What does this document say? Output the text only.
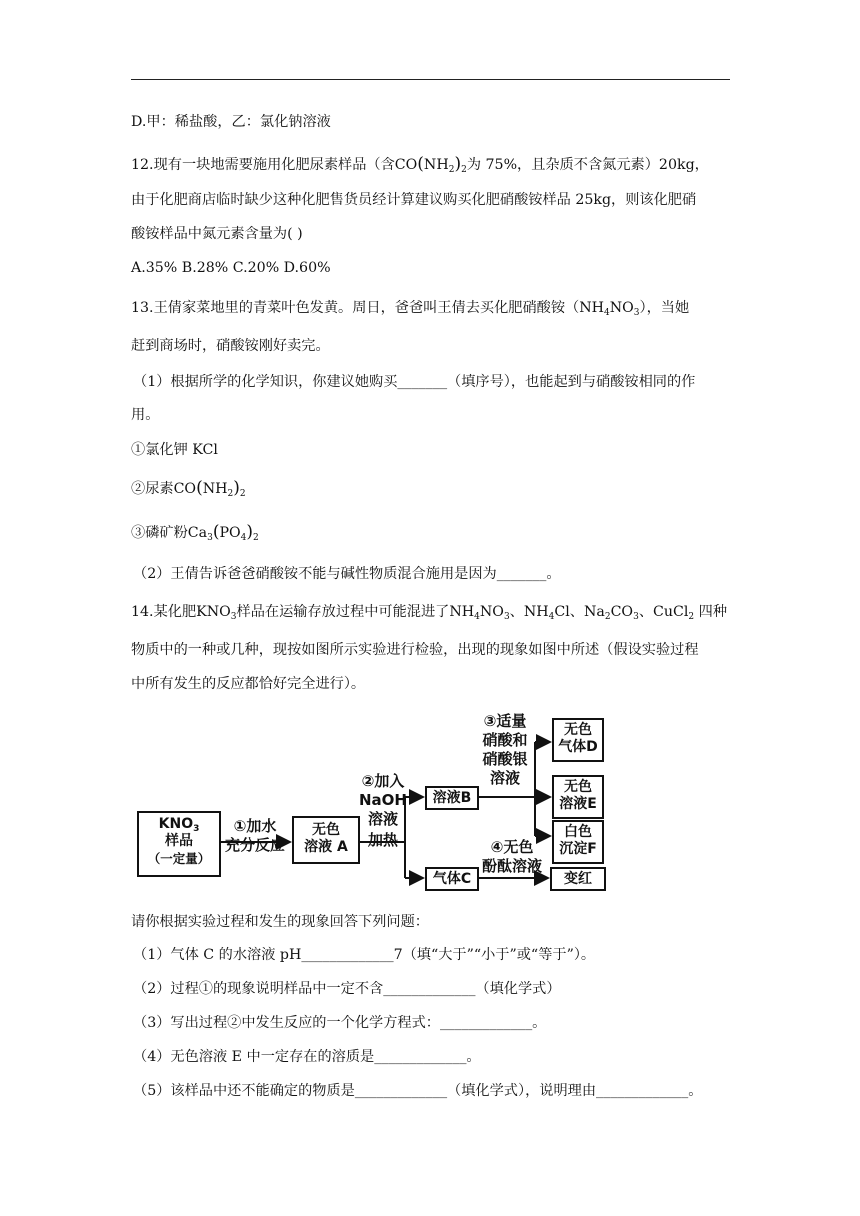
D.甲：稀盐酸，乙：氯化钠溶液
12.现有一块地需要施用化肥尿素样品（含$CO(NH_2)_2$为 75%，且杂质不含氮元素）20kg，
由于化肥商店临时缺少这种化肥售货员经计算建议购买化肥硝酸铵样品 25kg，则该化肥硝
酸铵样品中氮元素含量为( )
A.35% B.28% C.20% D.60%
13.王倩家菜地里的青菜叶色发黄。周日，爸爸叫王倩去买化肥硝酸铵$(NH_4NO_3)$，当她
赶到商场时，硝酸铵刚好卖完。
（1）根据所学的化学知识，你建议她购买_______（填序号），也能起到与硝酸铵相同的作
用。
①氯化钾 KCl
②尿素$CO(NH_2)_2$
③磷矿粉$Ca_3(PO_4)_2$
（2）王倩告诉爸爸硝酸铵不能与碱性物质混合施用是因为_______。
14.某化肥$KNO_3$样品在运输存放过程中可能混进了$NH_4NO_3$、$NH_4Cl$、$Na_2CO_3$、CuCl$_2$ 四种
物质中的一种或几种，现按如图所示实验进行检验，出现的现象如图中所述（假设实验过程
中所有发生的反应都恰好完全进行）。
$KNO_3$
样品
（一定量）
①加水
充分反应
无色
溶液 A
②加入
NaOH
溶液
加热
溶液B
气体C
③适量
硝酸和
硝酸银
溶液
④无色
酚酞溶液
无色
气体D
无色
溶液E
白色
沉淀F
变红
请你根据实验过程和发生的现象回答下列问题：
（1）气体 C 的水溶液 pH_____________7（填“大于”“小于”或“等于”）。
（2）过程①的现象说明样品中一定不含_____________（填化学式）
（3）写出过程②中发生反应的一个化学方程式：_____________。
（4）无色溶液 E 中一定存在的溶质是_____________。
（5）该样品中还不能确定的物质是_____________（填化学式），说明理由_____________。
